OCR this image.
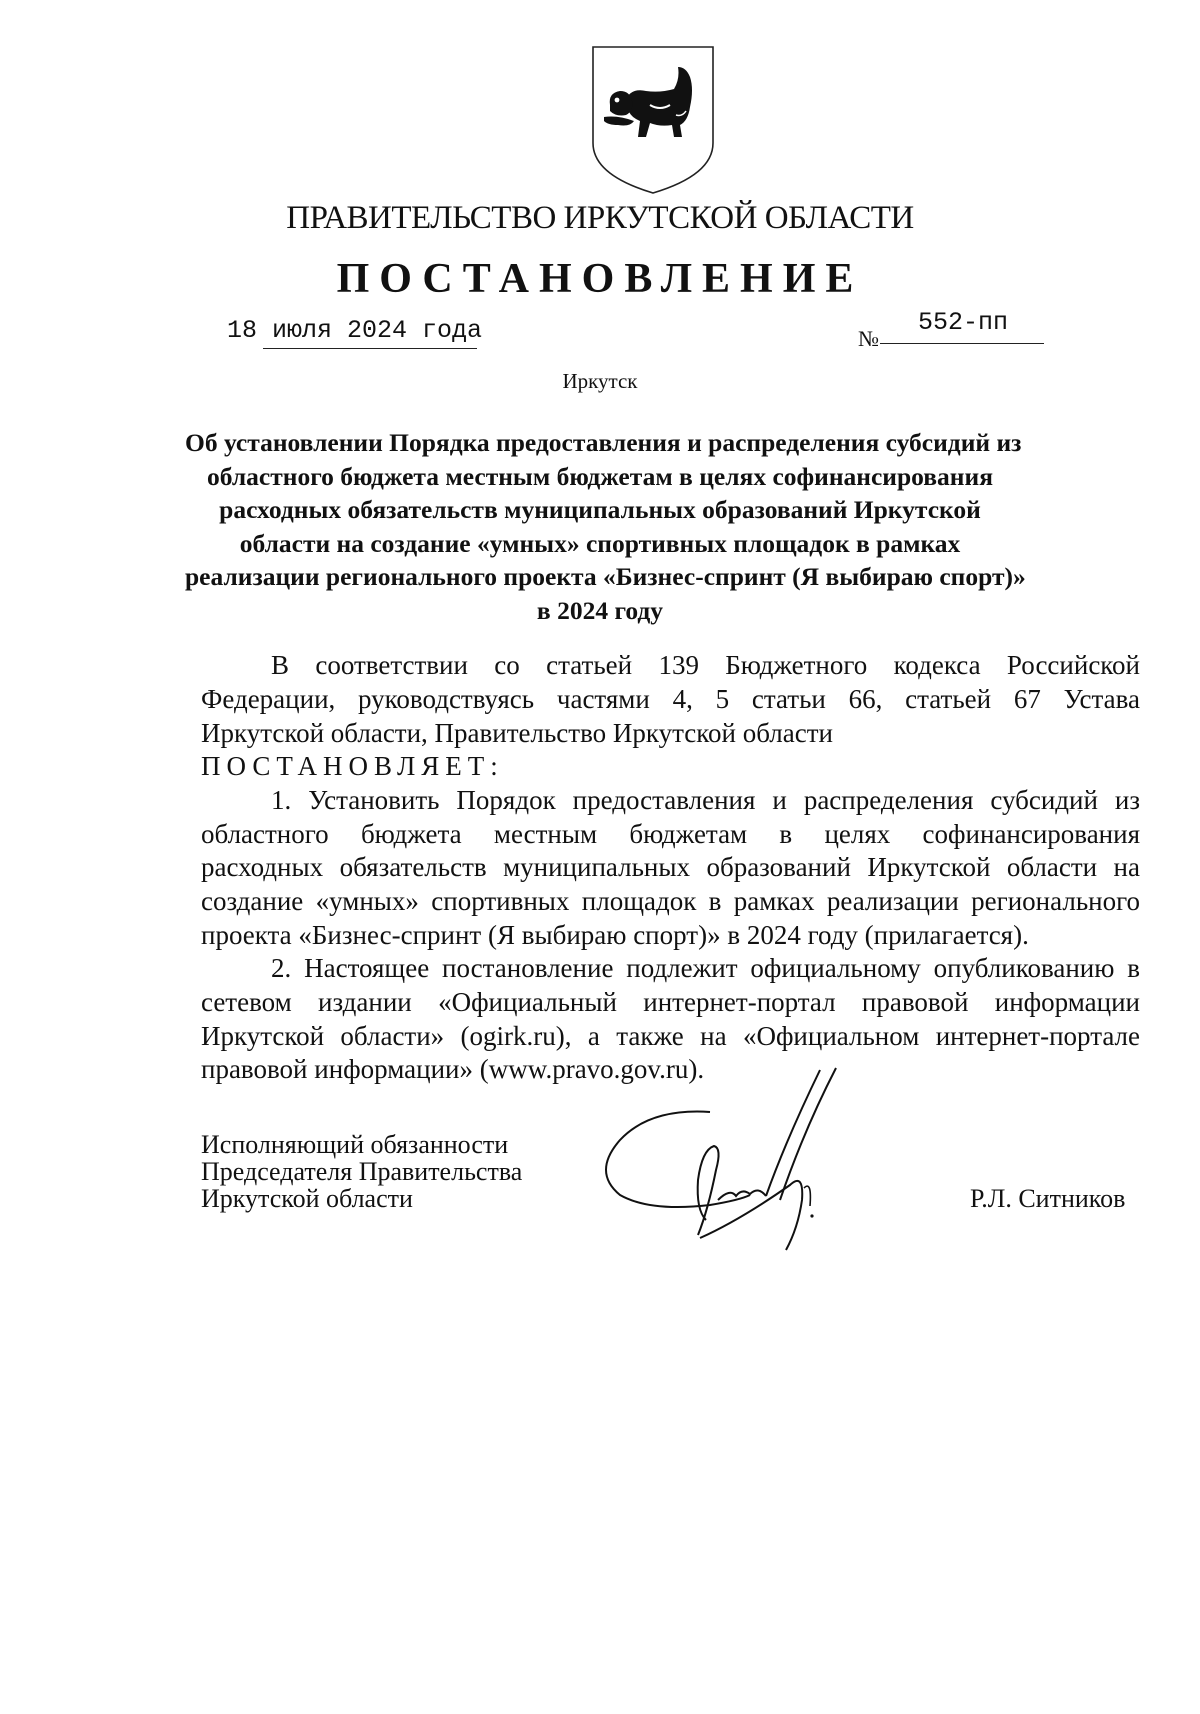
ПРАВИТЕЛЬСТВО ИРКУТСКОЙ ОБЛАСТИ
ПОСТАНОВЛЕНИЕ
18 июля 2024 года	№
552-пп
Иркутск
Об установлении Порядка предоставления и распределения субсидий из
областного бюджета местным бюджетам в целях софинансирования
расходных обязательств муниципальных образований Иркутской
области на создание «умных» спортивных площадок в рамках
реализации регионального проекта «Бизнес-спринт (Я выбираю спорт)»
в 2024 году
В соответствии со статьей 139 Бюджетного кодекса Российской
Федерации, руководствуясь частями 4, 5 статьи 66, статьей 67 Устава
Иркутской области, Правительство Иркутской области
ПОСТАНОВЛЯЕТ:
1. Установить Порядок предоставления и распределения субсидий из
областного бюджета местным бюджетам в целях софинансирования
расходных обязательств муниципальных образований Иркутской области на
создание «умных» спортивных площадок в рамках реализации регионального
проекта «Бизнес-спринт (Я выбираю спорт)» в 2024 году (прилагается).
2. Настоящее постановление подлежит официальному опубликованию в
сетевом издании «Официальный интернет-портал правовой информации
Иркутской области» (ogirk.ru), а также на «Официальном интернет-портале
правовой информации» (www.pravo.gov.ru).
Исполняющий обязанности
Председателя Правительства
Иркутской области	Р.Л. Ситников
